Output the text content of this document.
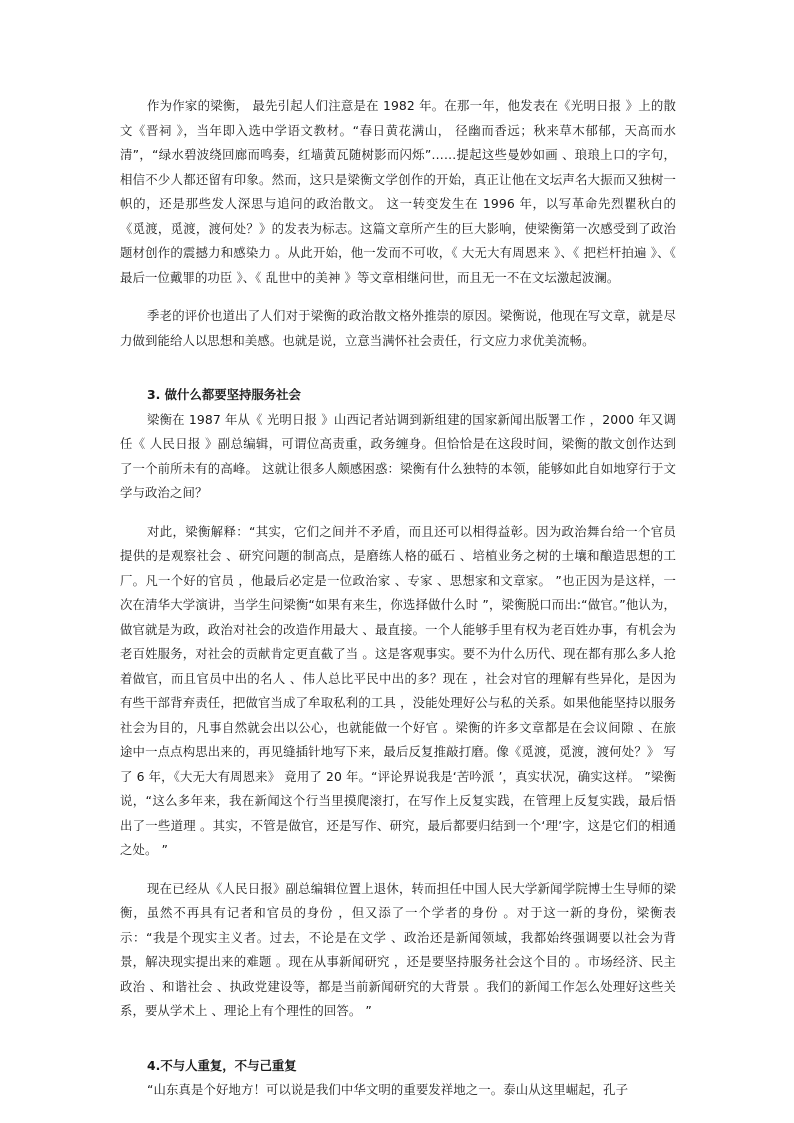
作为作家的梁衡， 最先引起人们注意是在 1982 年。在那一年，他发表在《光明日报 》上的散文《晋祠 》，当年即入选中学语文教材。“春日黄花满山， 径幽而香远；秋来草木郁郁，天高而水清”，“绿水碧波绕回廊而鸣奏，红墙黄瓦随树影而闪烁”……提起这些曼妙如画 、琅琅上口的字句，相信不少人都还留有印象。然而，这只是梁衡文学创作的开始，真正让他在文坛声名大振而又独树一帜的，还是那些发人深思与追问的政治散文。 这一转变发生在 1996 年，以写革命先烈瞿秋白的《觅渡，觅渡，渡何处？》的发表为标志。这篇文章所产生的巨大影响，使梁衡第一次感受到了政治题材创作的震撼力和感染力 。从此开始，他一发而不可收，《 大无大有周恩来 》、《 把栏杆拍遍 》、《 最后一位戴罪的功臣 》、《 乱世中的美神 》等文章相继问世，而且无一不在文坛激起波澜。

季老的评价也道出了人们对于梁衡的政治散文格外推崇的原因。梁衡说，他现在写文章，就是尽力做到能给人以思想和美感。也就是说，立意当满怀社会责任，行文应力求优美流畅。

3. 做什么都要坚持服务社会

梁衡在 1987 年从《 光明日报 》山西记者站调到新组建的国家新闻出版署工作 ，2000 年又调任《 人民日报 》副总编辑，可谓位高责重，政务缠身。但恰恰是在这段时间，梁衡的散文创作达到了一个前所未有的高峰。 这就让很多人颇感困惑：梁衡有什么独特的本领，能够如此自如地穿行于文学与政治之间？

对此，梁衡解释：“其实，它们之间并不矛盾，而且还可以相得益彰。因为政治舞台给一个官员提供的是观察社会 、研究问题的制高点，是磨练人格的砥石 、培植业务之树的土壤和酿造思想的工厂。凡一个好的官员 ，他最后必定是一位政治家 、专家 、思想家和文章家。 ”也正因为是这样，一次在清华大学演讲，当学生问梁衡“如果有来生，你选择做什么时 ”，梁衡脱口而出:“做官。”他认为，做官就是为政，政治对社会的改造作用最大 、最直接。一个人能够手里有权为老百姓办事，有机会为老百姓服务，对社会的贡献肯定更直截了当 。这是客观事实。要不为什么历代、现在都有那么多人抢着做官，而且官员中出的名人 、伟人总比平民中出的多？现在 ，社会对官的理解有些异化，是因为有些干部背弃责任，把做官当成了牟取私利的工具 ，没能处理好公与私的关系。如果他能坚持以服务社会为目的，凡事自然就会出以公心，也就能做一个好官 。梁衡的许多文章都是在会议间隙 、在旅途中一点点构思出来的，再见缝插针地写下来，最后反复推敲打磨。像《觅渡，觅渡，渡何处？》 写了 6 年，《大无大有周恩来》 竟用了 20 年。“评论界说我是‘苦吟派 ’，真实状况，确实这样。 ”梁衡说，“这么多年来，我在新闻这个行当里摸爬滚打，在写作上反复实践，在管理上反复实践，最后悟出了一些道理 。其实，不管是做官，还是写作、研究，最后都要归结到一个‘理’字，这是它们的相通之处。 ”

现在已经从《人民日报》副总编辑位置上退休，转而担任中国人民大学新闻学院博士生导师的梁衡，虽然不再具有记者和官员的身份 ，但又添了一个学者的身份 。对于这一新的身份，梁衡表示：“我是个现实主义者。过去，不论是在文学 、政治还是新闻领域，我都始终强调要以社会为背景，解决现实提出来的难题 。现在从事新闻研究 ，还是要坚持服务社会这个目的 。市场经济、民主政治 、和谐社会 、执政党建设等，都是当前新闻研究的大背景 。我们的新闻工作怎么处理好这些关系，要从学术上 、理论上有个理性的回答。 ”

4.不与人重复，不与己重复

“山东真是个好地方！可以说是我们中华文明的重要发祥地之一。泰山从这里崛起，孔子
